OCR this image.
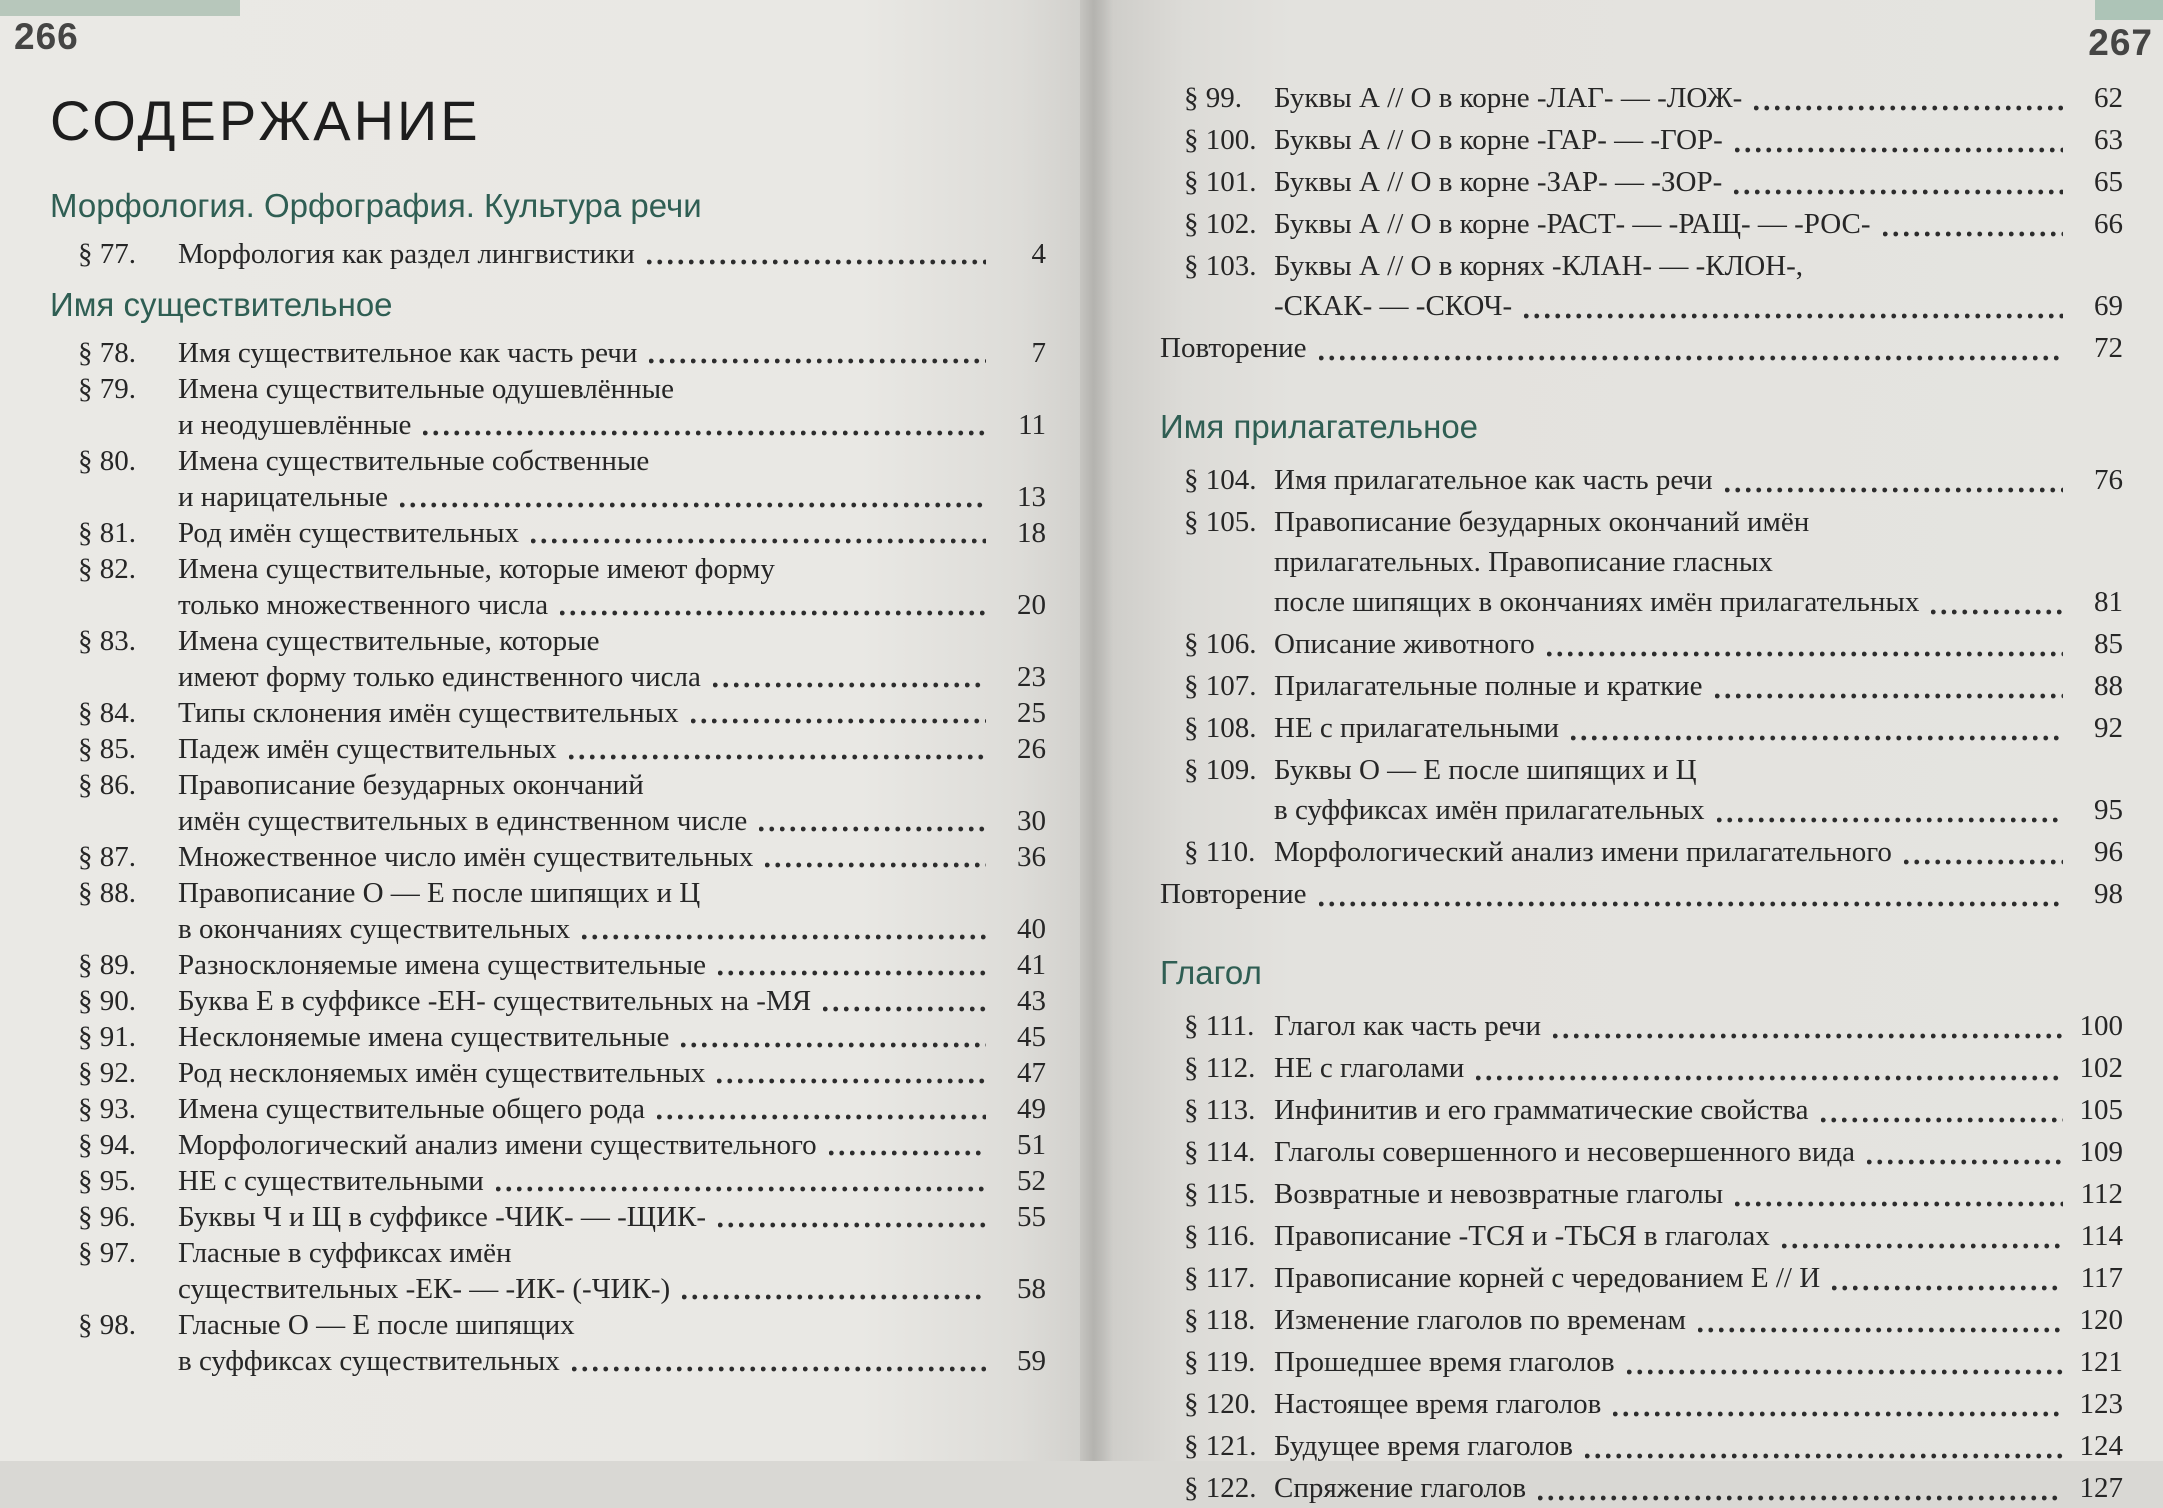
266
СОДЕРЖАНИЕ
Морфология. Орфография. Культура речи
§ 77.	Морфология как раздел лингвистики	4
Имя существительное
§ 78.	Имя существительное как часть речи	7
§ 79.	Имена существительные одушевлённые
и неодушевлённые	11
§ 80.	Имена существительные собственные
и нарицательные	13
§ 81.	Род имён существительных	18
§ 82.	Имена существительные, которые имеют форму
только множественного числа	20
§ 83.	Имена существительные, которые
имеют форму только единственного числа	23
§ 84.	Типы склонения имён существительных	25
§ 85.	Падеж имён существительных	26
§ 86.	Правописание безударных окончаний
имён существительных в единственном числе	30
§ 87.	Множественное число имён существительных	36
§ 88.	Правописание О — Е после шипящих и Ц
в окончаниях существительных	40
§ 89.	Разносклоняемые имена существительные	41
§ 90.	Буква Е в суффиксе -ЕН- существительных на -МЯ	43
§ 91.	Несклоняемые имена существительные	45
§ 92.	Род несклоняемых имён существительных	47
§ 93.	Имена существительные общего рода	49
§ 94.	Морфологический анализ имени существительного	51
§ 95.	НЕ с существительными	52
§ 96.	Буквы Ч и Щ в суффиксе -ЧИК- — -ЩИК-	55
§ 97.	Гласные в суффиксах имён
существительных -ЕК- — -ИК- (-ЧИК-)	58
§ 98.	Гласные О — Е после шипящих
в суффиксах существительных	59
267
§ 99.	Буквы А // О в корне -ЛАГ- — -ЛОЖ-	62
§ 100. Буквы А // О в корне -ГАР- — -ГОР-	63
§ 101. Буквы А // О в корне -ЗАР- — -ЗОР-	65
§ 102. Буквы А // О в корне -РАСТ- — -РАЩ- — -РОС-	66
§ 103. Буквы А // О в корнях -КЛАН- — -КЛОН-,
-СКАК- — -СКОЧ-	69
Повторение	72
Имя прилагательное
§ 104. Имя прилагательное как часть речи	76
§ 105. Правописание безударных окончаний имён
прилагательных. Правописание гласных
после шипящих в окончаниях имён прилагательных	81
§ 106. Описание животного	85
§ 107. Прилагательные полные и краткие	88
§ 108. НЕ с прилагательными	92
§ 109. Буквы О — Е после шипящих и Ц
в суффиксах имён прилагательных	95
§ 110. Морфологический анализ имени прилагательного	96
Повторение	98
Глагол
§ 111. Глагол как часть речи	100
§ 112. НЕ с глаголами	102
§ 113. Инфинитив и его грамматические свойства	105
§ 114. Глаголы совершенного и несовершенного вида	109
§ 115. Возвратные и невозвратные глаголы	112
§ 116. Правописание -ТСЯ и -ТЬСЯ в глаголах	114
§ 117. Правописание корней с чередованием Е // И	117
§ 118. Изменение глаголов по временам	120
§ 119. Прошедшее время глаголов	121
§ 120. Настоящее время глаголов	123
§ 121. Будущее время глаголов	124
§ 122. Спряжение глаголов	127
